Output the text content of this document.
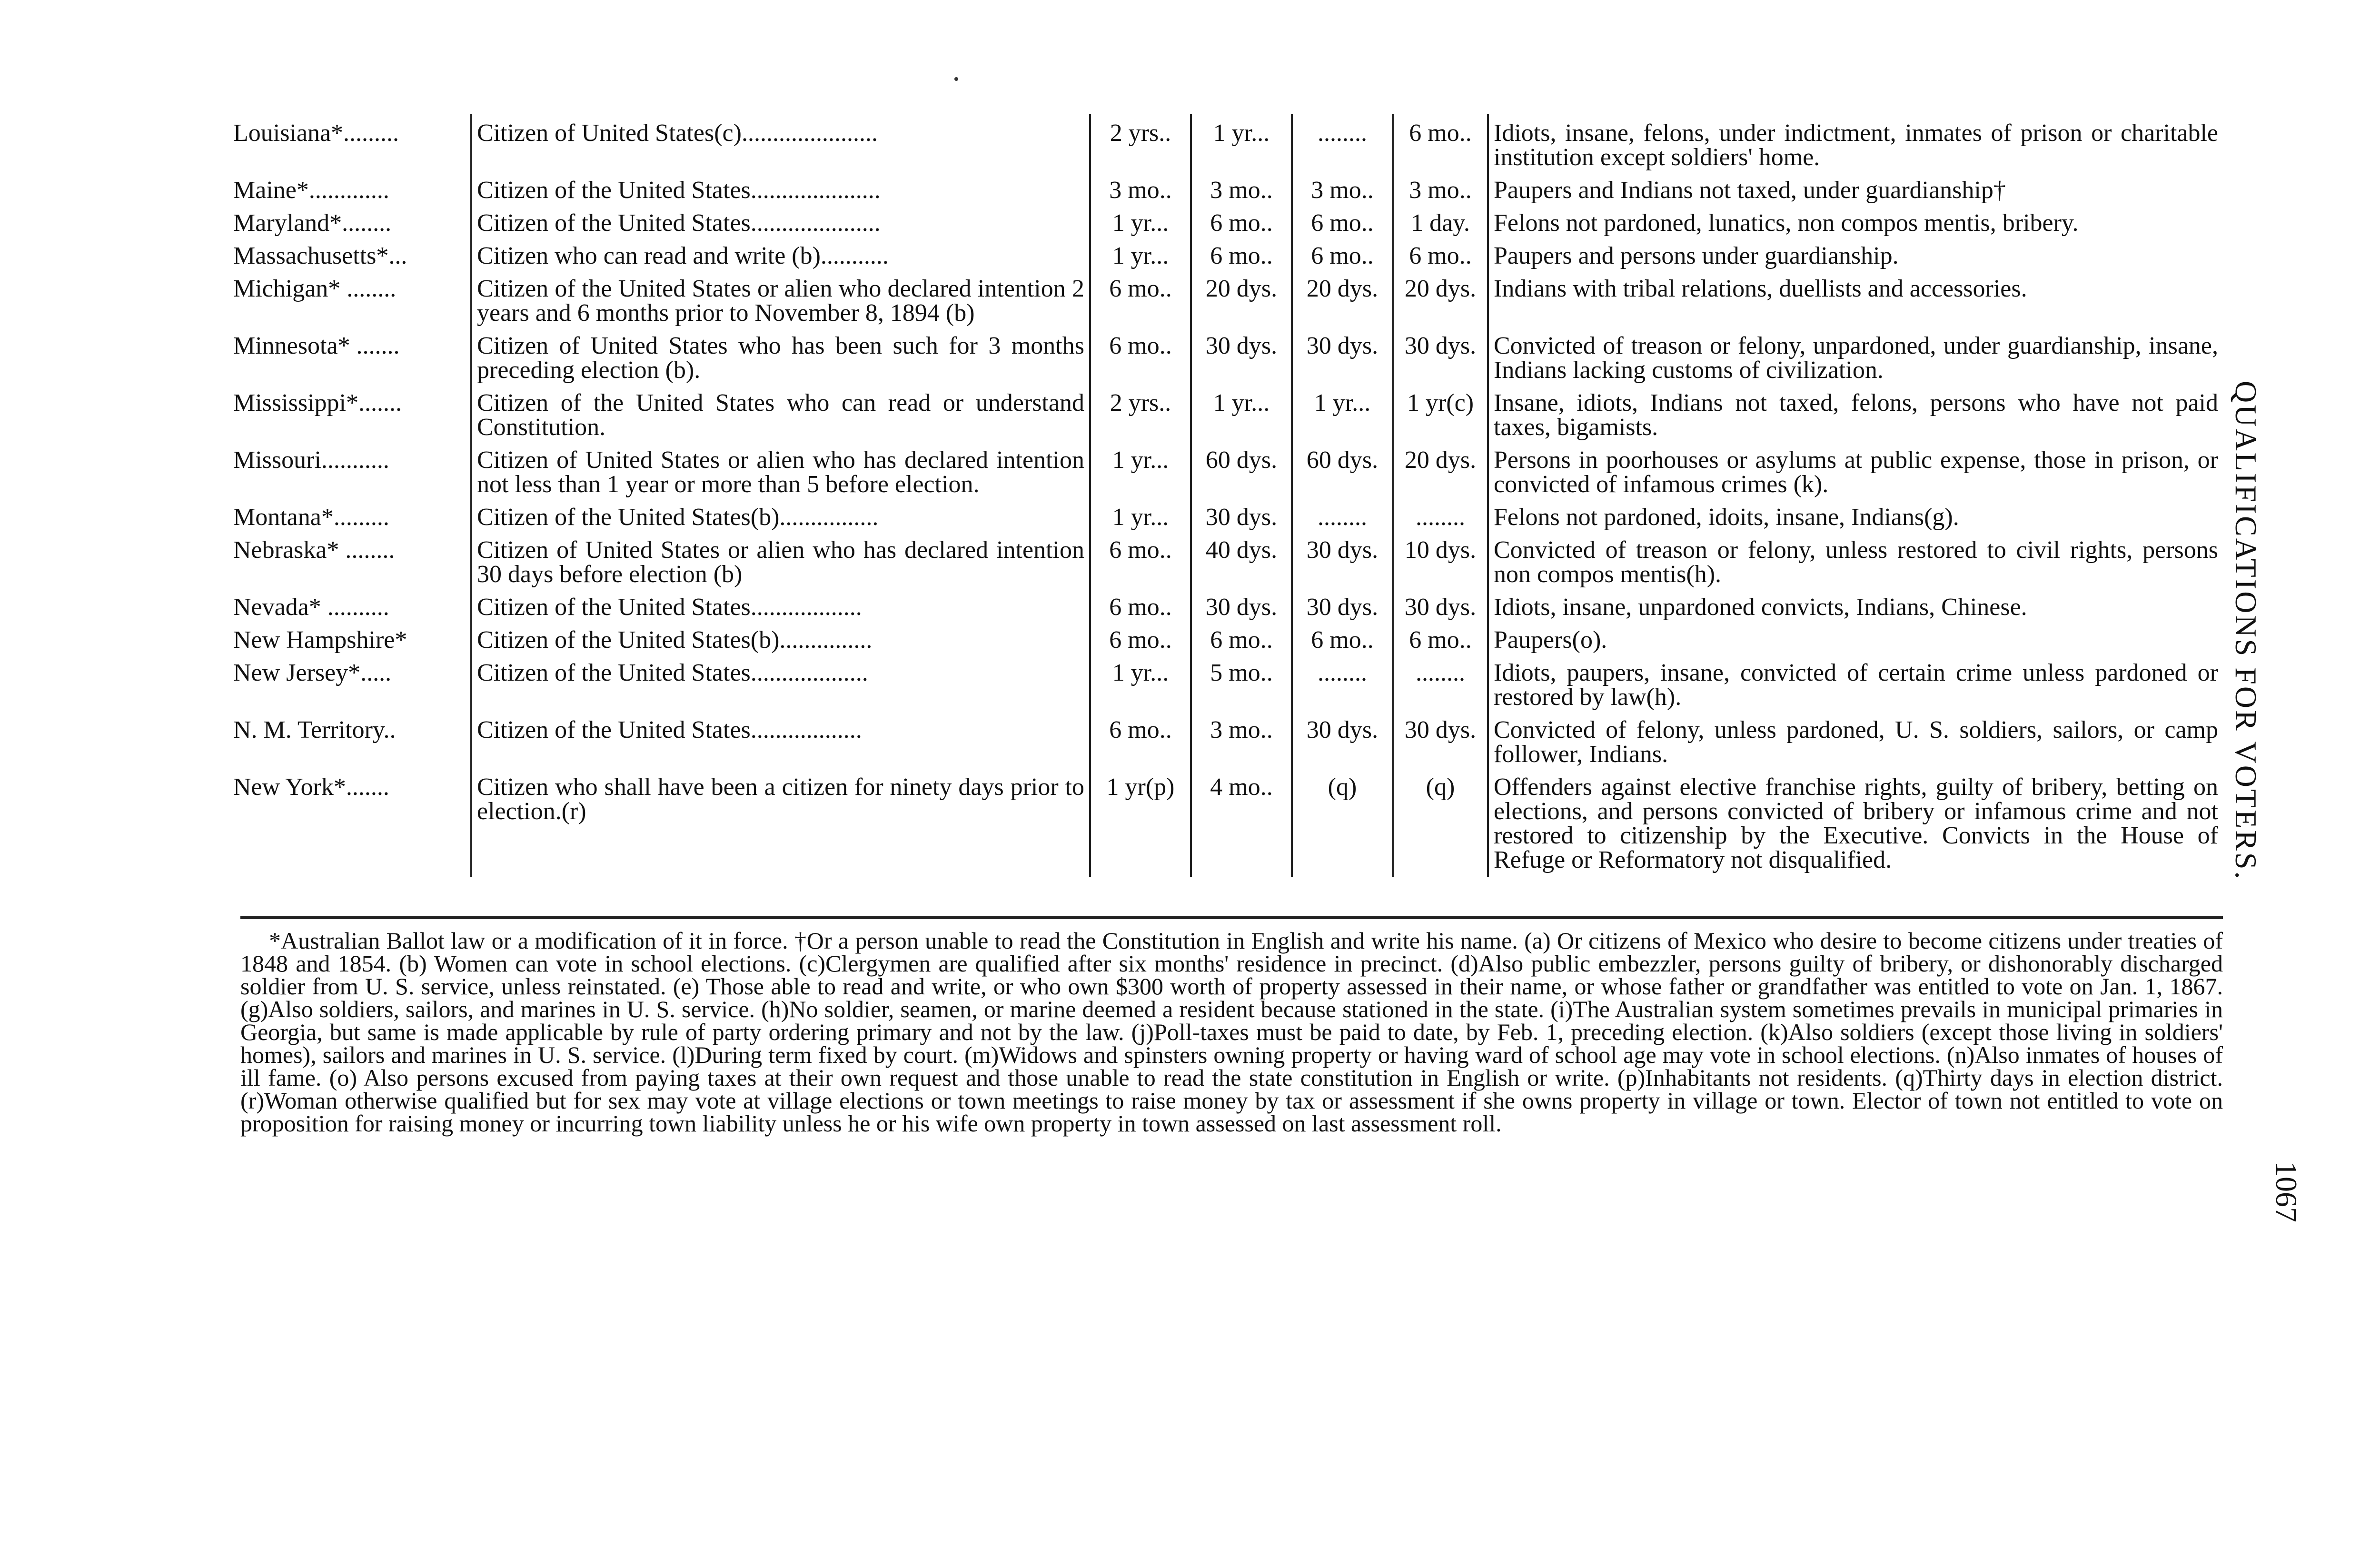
Louisiana*.........	Citizen of United States(c)......................	2 yrs..	1 yr...	........	6 mo..	Idiots, insane, felons, under indictment, inmates of prison or charitable institution except soldiers' home.
Maine*.............	Citizen of the United States.....................	3 mo..	3 mo..	3 mo..	3 mo..	Paupers and Indians not taxed, under guardianship†
Maryland*........	Citizen of the United States.....................	1 yr...	6 mo..	6 mo..	1 day.	Felons not pardoned, lunatics, non compos mentis, bribery.
Massachusetts*...	Citizen who can read and write (b)...........	1 yr...	6 mo..	6 mo..	6 mo..	Paupers and persons under guardianship.
Michigan* ........	Citizen of the United States or alien who declared intention 2 years and 6 months prior to November 8, 1894 (b)	6 mo..	20 dys.	20 dys.	20 dys.	Indians with tribal relations, duellists and accessories.
Minnesota* .......	Citizen of United States who has been such for 3 months preceding election (b).	6 mo..	30 dys.	30 dys.	30 dys.	Convicted of treason or felony, unpardoned, under guardianship, insane, Indians lacking customs of civilization.
Mississippi*.......	Citizen of the United States who can read or understand Constitution.	2 yrs..	1 yr...	1 yr...	1 yr(c)	Insane, idiots, Indians not taxed, felons, persons who have not paid taxes, bigamists.
Missouri...........	Citizen of United States or alien who has declared intention not less than 1 year or more than 5 before election.	1 yr...	60 dys.	60 dys.	20 dys.	Persons in poorhouses or asylums at public expense, those in prison, or convicted of infamous crimes (k).
Montana*.........	Citizen of the United States(b)................	1 yr...	30 dys.	........	........	Felons not pardoned, idoits, insane, Indians(g).
Nebraska* ........	Citizen of United States or alien who has declared intention 30 days before election (b)	6 mo..	40 dys.	30 dys.	10 dys.	Convicted of treason or felony, unless restored to civil rights, persons non compos mentis(h).
Nevada* ..........	Citizen of the United States..................	6 mo..	30 dys.	30 dys.	30 dys.	Idiots, insane, unpardoned convicts, Indians, Chinese.
New Hampshire*	Citizen of the United States(b)...............	6 mo..	6 mo..	6 mo..	6 mo..	Paupers(o).
New Jersey*.....	Citizen of the United States...................	1 yr...	5 mo..	........	........	Idiots, paupers, insane, convicted of certain crime unless pardoned or restored by law(h).
N. M. Territory..	Citizen of the United States..................	6 mo..	3 mo..	30 dys.	30 dys.	Convicted of felony, unless pardoned, U. S. soldiers, sailors, or camp follower, Indians.
New York*.......	Citizen who shall have been a citizen for ninety days prior to election.(r)	1 yr(p)	4 mo..	(q)	(q)	Offenders against elective franchise rights, guilty of bribery, betting on elections, and persons convicted of bribery or infamous crime and not restored to citizenship by the Executive. Convicts in the House of Refuge or Reformatory not disqualified.
*Australian Ballot law or a modification of it in force. †Or a person unable to read the Constitution in English and write his name. (a) Or citizens of Mexico who desire to become citizens under treaties of 1848 and 1854. (b) Women can vote in school elections. (c)Clergymen are qualified after six months' residence in precinct. (d)Also public embezzler, persons guilty of bribery, or dishonorably discharged soldier from U. S. service, unless reinstated. (e) Those able to read and write, or who own $300 worth of property assessed in their name, or whose father or grandfather was entitled to vote on Jan. 1, 1867. (g)Also soldiers, sailors, and marines in U. S. service. (h)No soldier, seamen, or marine deemed a resident because stationed in the state. (i)The Australian system sometimes prevails in municipal primaries in Georgia, but same is made applicable by rule of party ordering primary and not by the law. (j)Poll-taxes must be paid to date, by Feb. 1, preceding election. (k)Also soldiers (except those living in soldiers' homes), sailors and marines in U. S. service. (l)During term fixed by court. (m)Widows and spinsters owning property or having ward of school age may vote in school elections. (n)Also inmates of houses of ill fame. (o) Also persons excused from paying taxes at their own request and those unable to read the state constitution in English or write. (p)Inhabitants not residents. (q)Thirty days in election district. (r)Woman otherwise qualified but for sex may vote at village elections or town meetings to raise money by tax or assessment if she owns property in village or town. Elector of town not entitled to vote on proposition for raising money or incurring town liability unless he or his wife own property in town assessed on last assessment roll.
QUALIFICATIONS FOR VOTERS.
1067
